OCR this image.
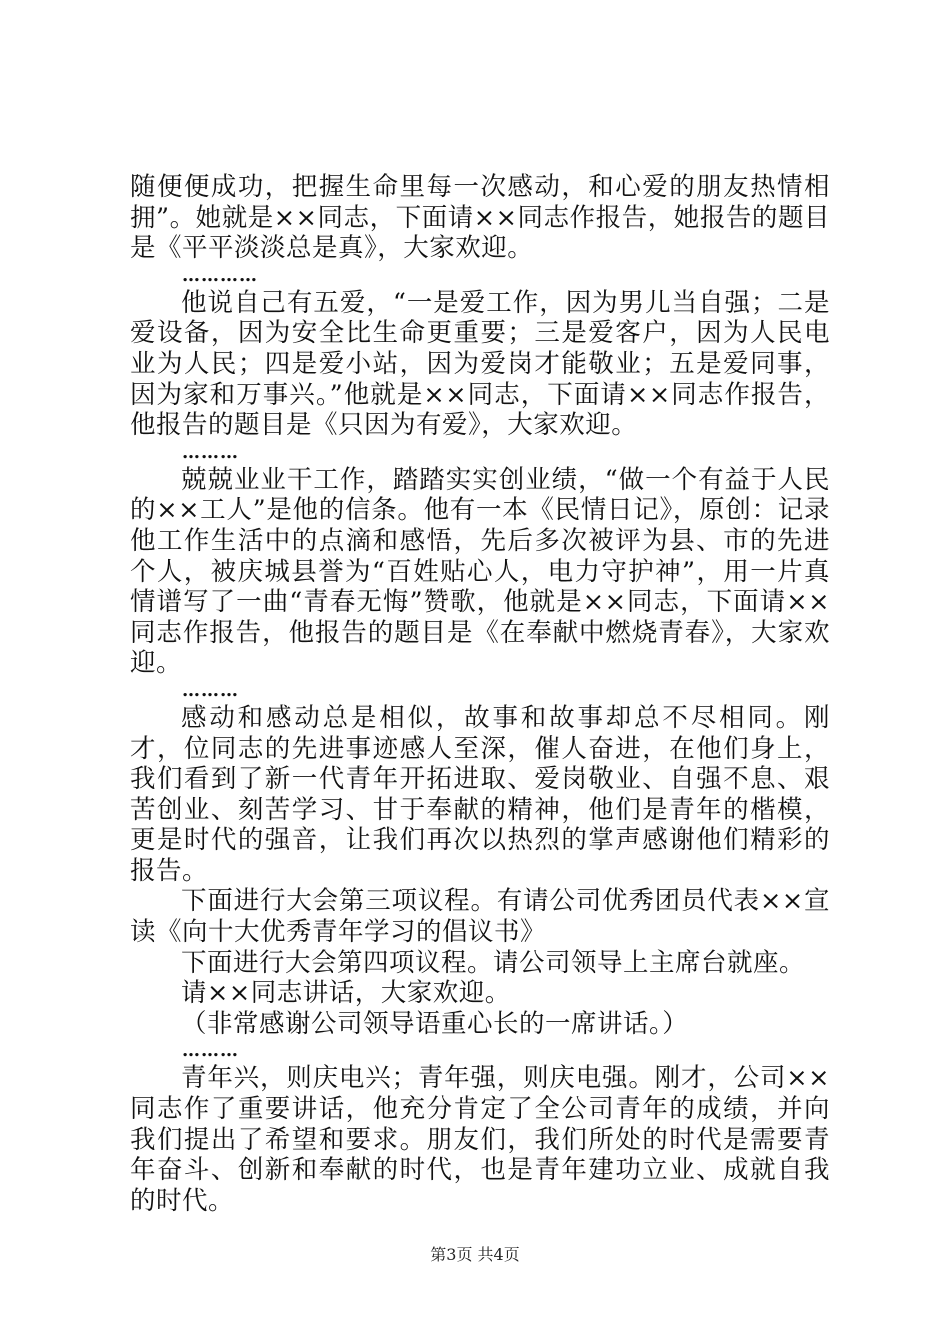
随便便成功，把握生命里每一次感动，和心爱的朋友热情相拥”。她就是××同志，下面请××同志作报告，她报告的题目是《平平淡淡总是真》，大家欢迎。

…………

他说自己有五爱，“一是爱工作，因为男儿当自强；二是爱设备，因为安全比生命更重要；三是爱客户，因为人民电业为人民；四是爱小站，因为爱岗才能敬业；五是爱同事，因为家和万事兴。”他就是××同志，下面请××同志作报告，他报告的题目是《只因为有爱》，大家欢迎。

………

兢兢业业干工作，踏踏实实创业绩，“做一个有益于人民的××工人”是他的信条。他有一本《民情日记》，原创：记录他工作生活中的点滴和感悟，先后多次被评为县、市的先进个人，被庆城县誉为“百姓贴心人，电力守护神”，用一片真情谱写了一曲“青春无悔”赞歌，他就是××同志，下面请××同志作报告，他报告的题目是《在奉献中燃烧青春》，大家欢迎。

………

感动和感动总是相似，故事和故事却总不尽相同。刚才，位同志的先进事迹感人至深，催人奋进，在他们身上，我们看到了新一代青年开拓进取、爱岗敬业、自强不息、艰苦创业、刻苦学习、甘于奉献的精神，他们是青年的楷模，更是时代的强音，让我们再次以热烈的掌声感谢他们精彩的报告。

下面进行大会第三项议程。有请公司优秀团员代表××宣读《向十大优秀青年学习的倡议书》

下面进行大会第四项议程。请公司领导上主席台就座。

请××同志讲话，大家欢迎。

（非常感谢公司领导语重心长的一席讲话。）

………

青年兴，则庆电兴；青年强，则庆电强。刚才，公司××同志作了重要讲话，他充分肯定了全公司青年的成绩，并向我们提出了希望和要求。朋友们，我们所处的时代是需要青年奋斗、创新和奉献的时代，也是青年建功立业、成就自我的时代。

第3页 共4页
